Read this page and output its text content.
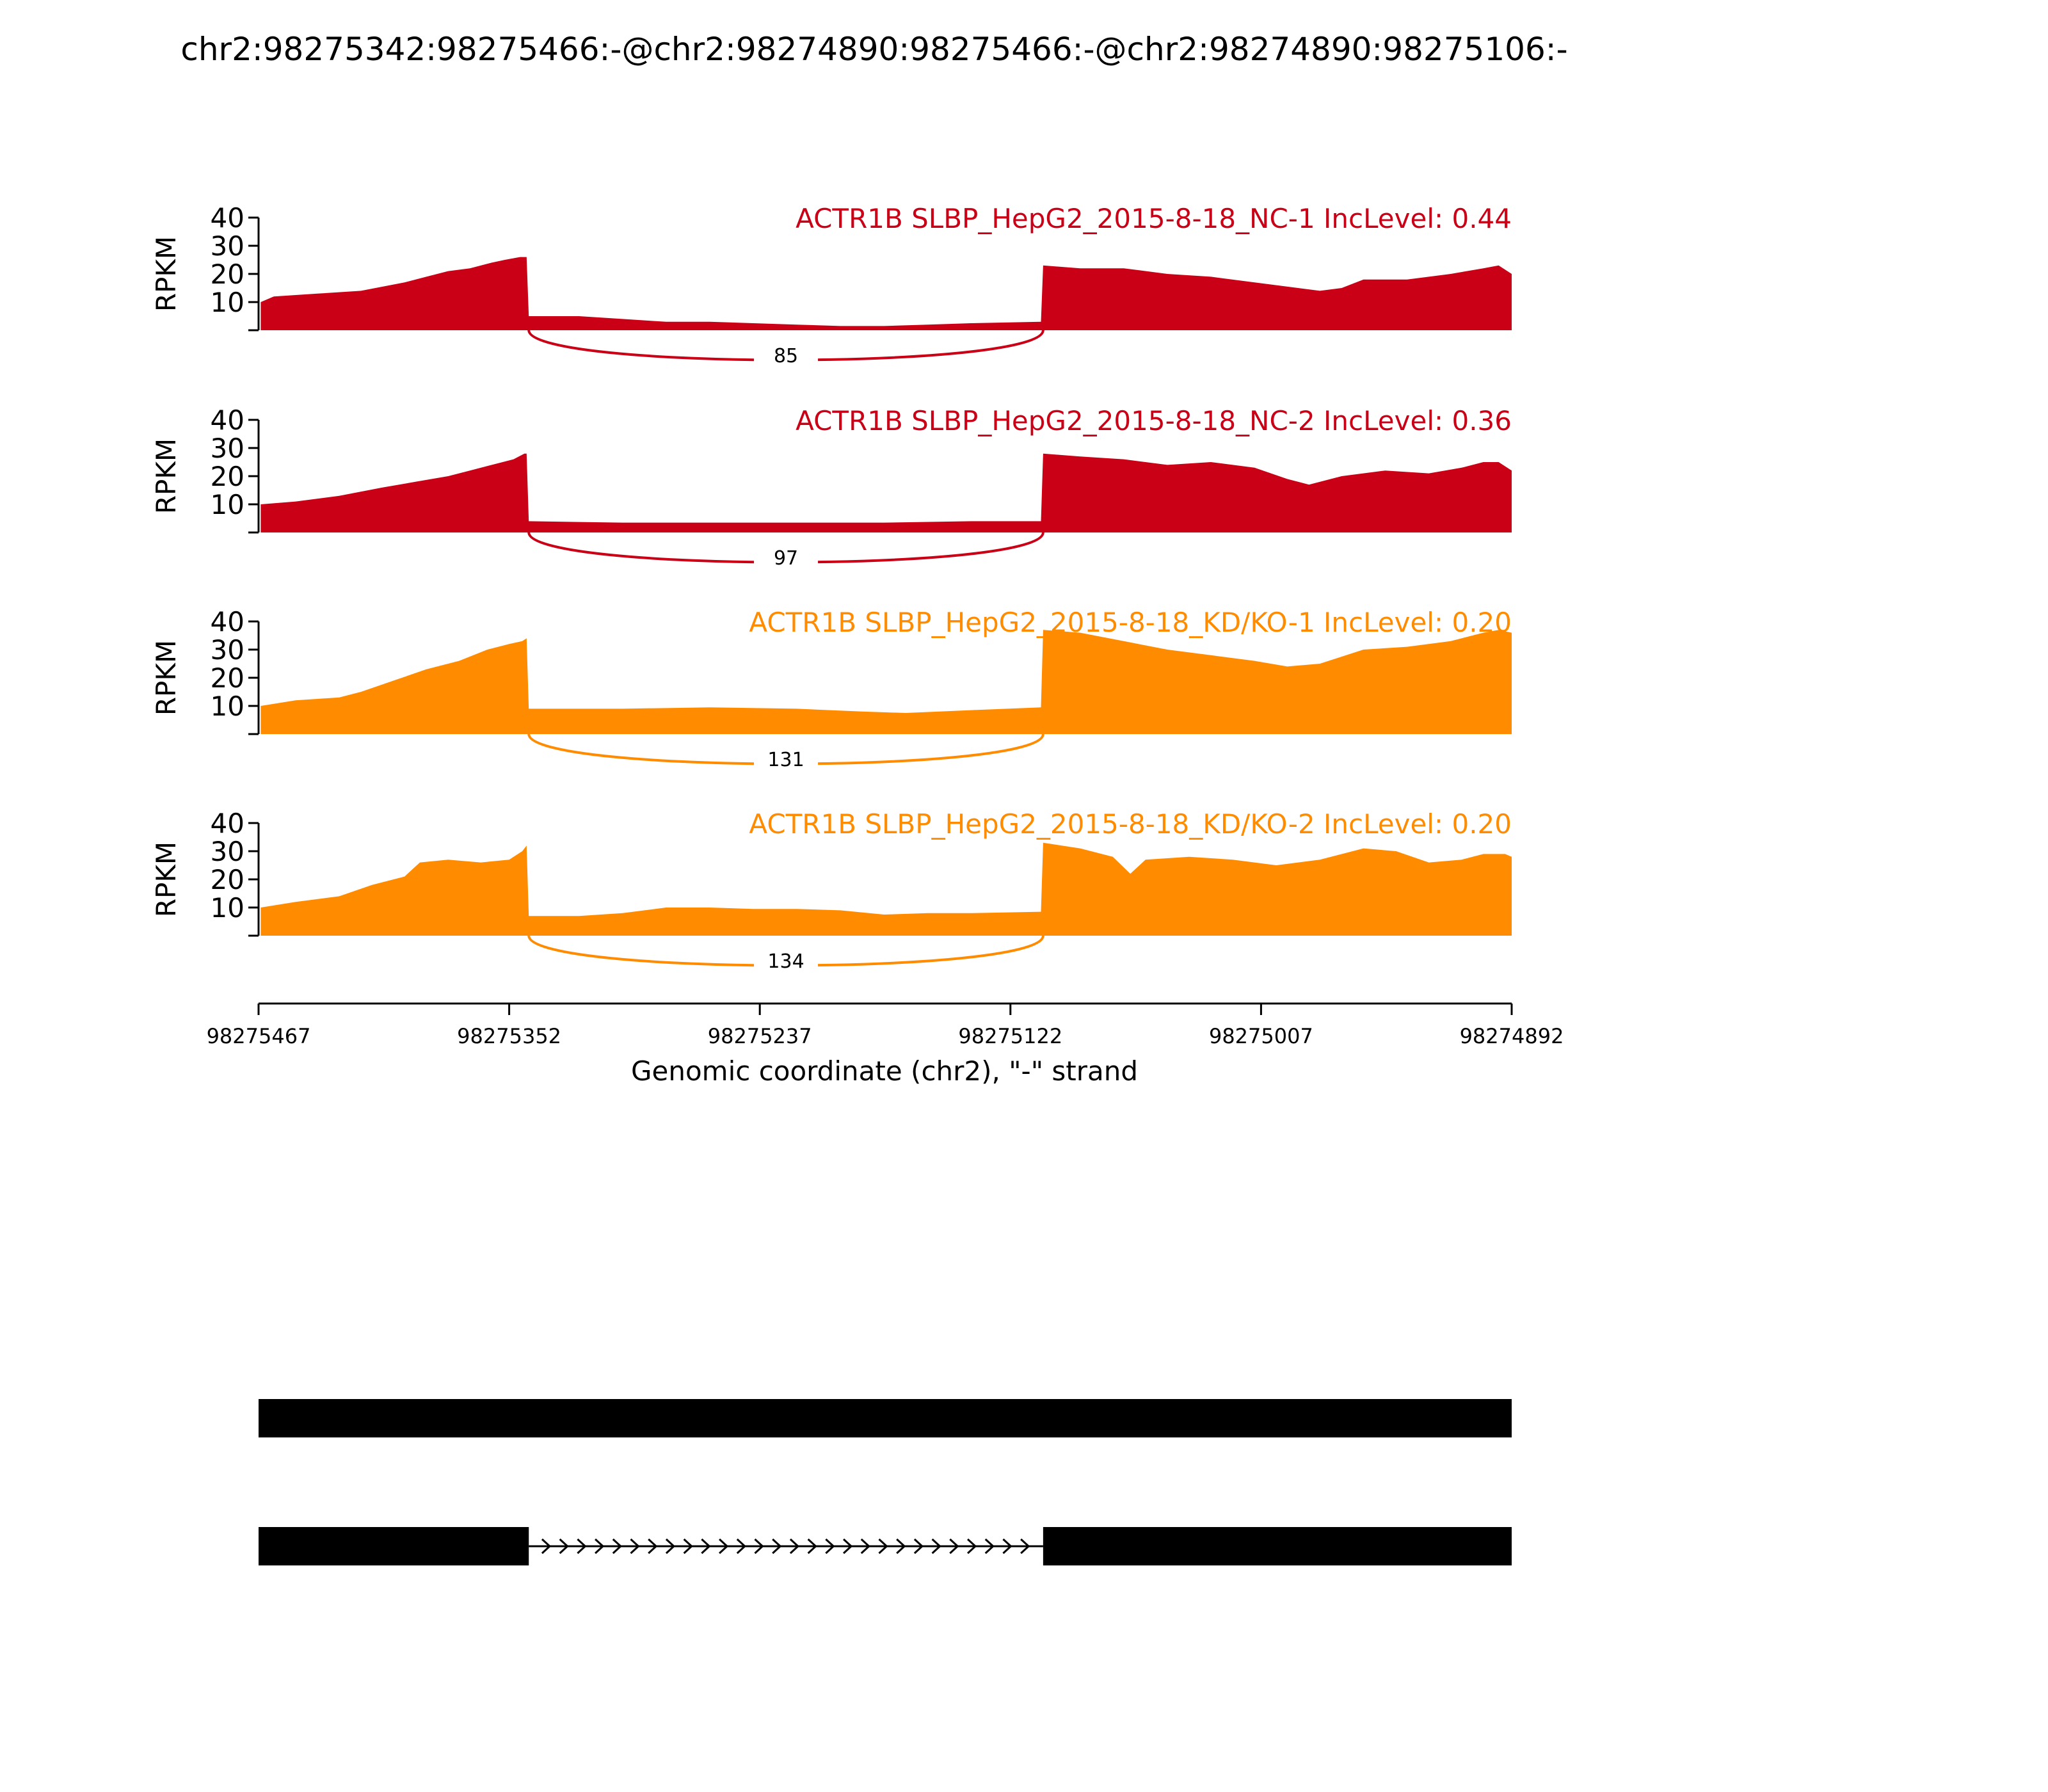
chr2:98275342:98275466:-@chr2:98274890:98275466:-@chr2:98274890:98275106:-
10
20
30
40
RPKM
ACTR1B SLBP_HepG2_2015-8-18_NC-1 IncLevel: 0.44
85
10
20
30
40
RPKM
ACTR1B SLBP_HepG2_2015-8-18_NC-2 IncLevel: 0.36
97
10
20
30
40
RPKM
ACTR1B SLBP_HepG2_2015-8-18_KD/KO-1 IncLevel: 0.20
131
10
20
30
40
RPKM
ACTR1B SLBP_HepG2_2015-8-18_KD/KO-2 IncLevel: 0.20
134
98275467	98275352	98275237	98275122	98275007	98274892
Genomic coordinate (chr2), "-" strand
